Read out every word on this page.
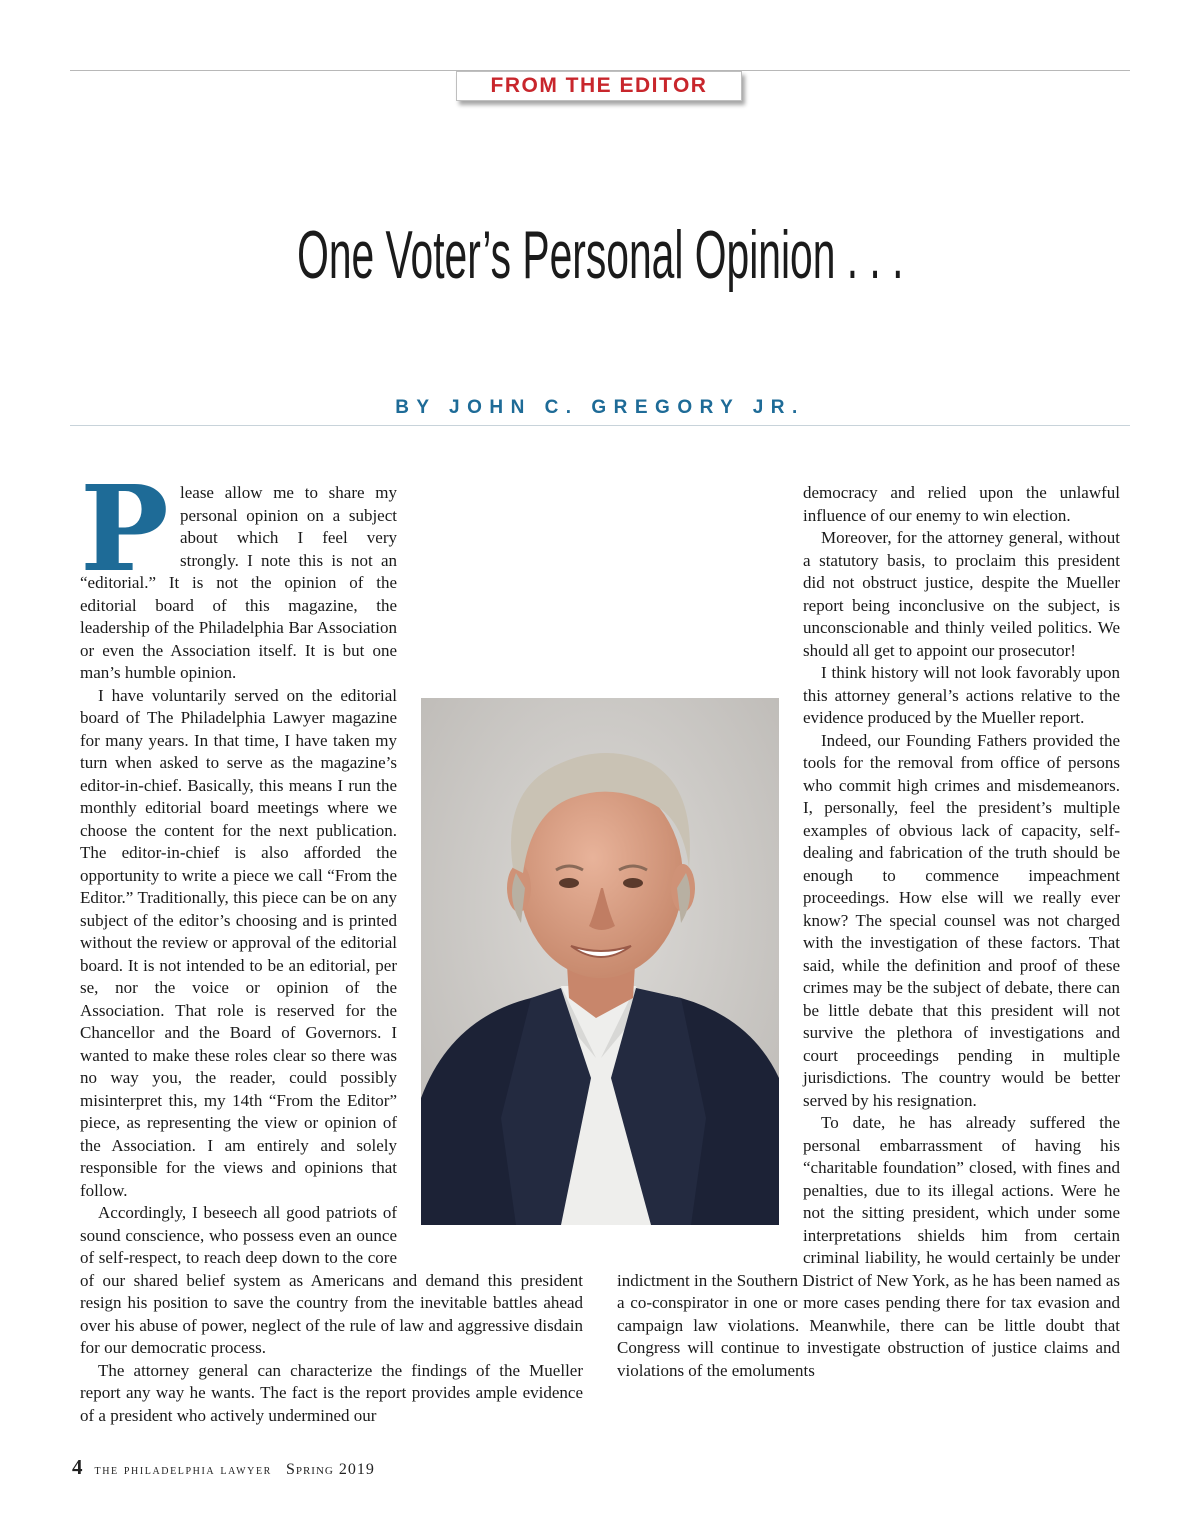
FROM THE EDITOR
One Voter’s Personal Opinion . . .
BY JOHN C. GREGORY JR.
P lease allow me to share my personal opinion on a subject about which I feel very strongly. I note this is not an “editorial.” It is not the opinion of the editorial board of this magazine, the leadership of the Philadelphia Bar Association or even the Association itself. It is but one man’s humble opinion.

I have voluntarily served on the editorial board of The Philadelphia Lawyer magazine for many years. In that time, I have taken my turn when asked to serve as the magazine’s editor-in-chief. Basically, this means I run the monthly editorial board meetings where we choose the content for the next publication. The editor-in-chief is also afforded the opportunity to write a piece we call “From the Editor.” Traditionally, this piece can be on any subject of the editor’s choosing and is printed without the review or approval of the editorial board. It is not intended to be an editorial, per se, nor the voice or opinion of the Association. That role is reserved for the Chancellor and the Board of Governors. I wanted to make these roles clear so there was no way you, the reader, could possibly misinterpret this, my 14th “From the Editor” piece, as representing the view or opinion of the Association. I am entirely and solely responsible for the views and opinions that follow.

Accordingly, I beseech all good patriots of sound conscience, who possess even an ounce of self-respect, to reach deep down to the core of our shared belief system as Americans and demand this president resign his position to save the country from the inevitable battles ahead over his abuse of power, neglect of the rule of law and aggressive disdain for our democratic process.

The attorney general can characterize the findings of the Mueller report any way he wants. The fact is the report provides ample evidence of a president who actively undermined our

democracy and relied upon the unlawful influence of our enemy to win election.

Moreover, for the attorney general, without a statutory basis, to proclaim this president did not obstruct justice, despite the Mueller report being inconclusive on the subject, is unconscionable and thinly veiled politics. We should all get to appoint our prosecutor!

I think history will not look favorably upon this attorney general’s actions relative to the evidence produced by the Mueller report.

Indeed, our Founding Fathers provided the tools for the removal from office of persons who commit high crimes and misdemeanors. I, personally, feel the president’s multiple examples of obvious lack of capacity, self-dealing and fabrication of the truth should be enough to commence impeachment proceedings. How else will we really ever know? The special counsel was not charged with the investigation of these factors. That said, while the definition and proof of these crimes may be the subject of debate, there can be little debate that this president will not survive the plethora of investigations and court proceedings pending in multiple jurisdictions. The country would be better served by his resignation.

To date, he has already suffered the personal embarrassment of having his “charitable foundation” closed, with fines and penalties, due to its illegal actions. Were he not the sitting president, which under some interpretations shields him from certain criminal liability, he would certainly be under indictment in the Southern District of New York, as he has been named as a co-conspirator in one or more cases pending there for tax evasion and campaign law violations. Meanwhile, there can be little doubt that Congress will continue to investigate obstruction of justice claims and violations of the emoluments

4 the philadelphia lawyer Spring 2019
